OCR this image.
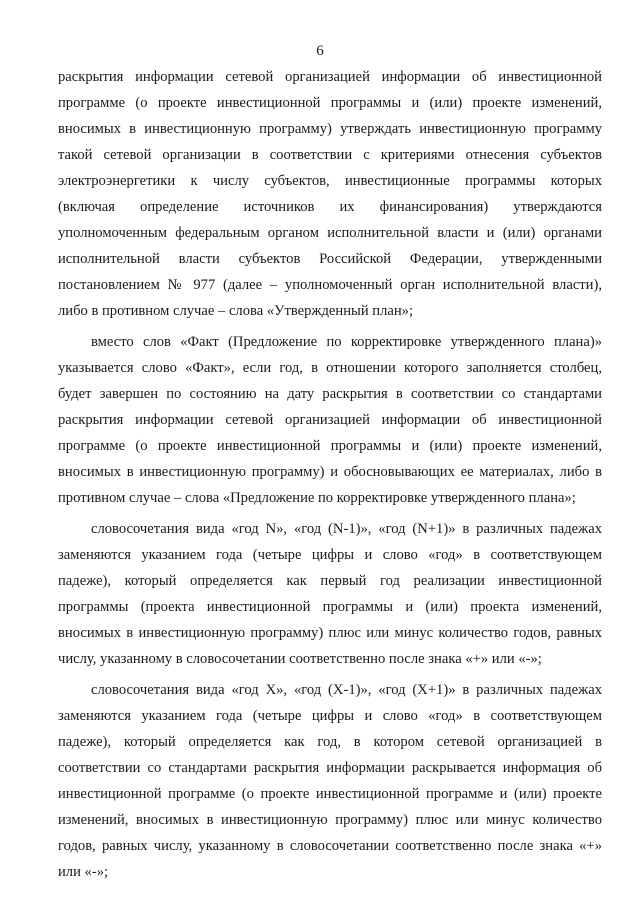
6
раскрытия информации сетевой организацией информации об инвестиционной
программе (о проекте инвестиционной программы и (или) проекте изменений,
вносимых в инвестиционную программу) утверждать инвестиционную программу
такой сетевой организации в соответствии с критериями отнесения субъектов
электроэнергетики к числу субъектов, инвестиционные программы которых
(включая определение источников их финансирования) утверждаются
уполномоченным федеральным органом исполнительной власти и (или) органами
исполнительной власти субъектов Российской Федерации, утвержденными
постановлением № 977 (далее – уполномоченный орган исполнительной власти),
либо в противном случае – слова «Утвержденный план»;
вместо слов «Факт (Предложение по корректировке утвержденного плана)»
указывается слово «Факт», если год, в отношении которого заполняется столбец,
будет завершен по состоянию на дату раскрытия в соответствии со стандартами
раскрытия информации сетевой организацией информации об инвестиционной
программе (о проекте инвестиционной программы и (или) проекте изменений,
вносимых в инвестиционную программу) и обосновывающих ее материалах, либо в
противном случае – слова «Предложение по корректировке утвержденного плана»;
словосочетания вида «год N», «год (N-1)», «год (N+1)» в различных падежах
заменяются указанием года (четыре цифры и слово «год» в соответствующем
падеже), который определяется как первый год реализации инвестиционной
программы (проекта инвестиционной программы и (или) проекта изменений,
вносимых в инвестиционную программу) плюс или минус количество годов, равных
числу, указанному в словосочетании соответственно после знака «+» или «-»;
словосочетания вида «год X», «год (X-1)», «год (X+1)» в различных падежах
заменяются указанием года (четыре цифры и слово «год» в соответствующем
падеже), который определяется как год, в котором сетевой организацией в
соответствии со стандартами раскрытия информации раскрывается информация об
инвестиционной программе (о проекте инвестиционной программе и (или) проекте
изменений, вносимых в инвестиционную программу) плюс или минус количество
годов, равных числу, указанному в словосочетании соответственно после знака «+»
или «-»;
